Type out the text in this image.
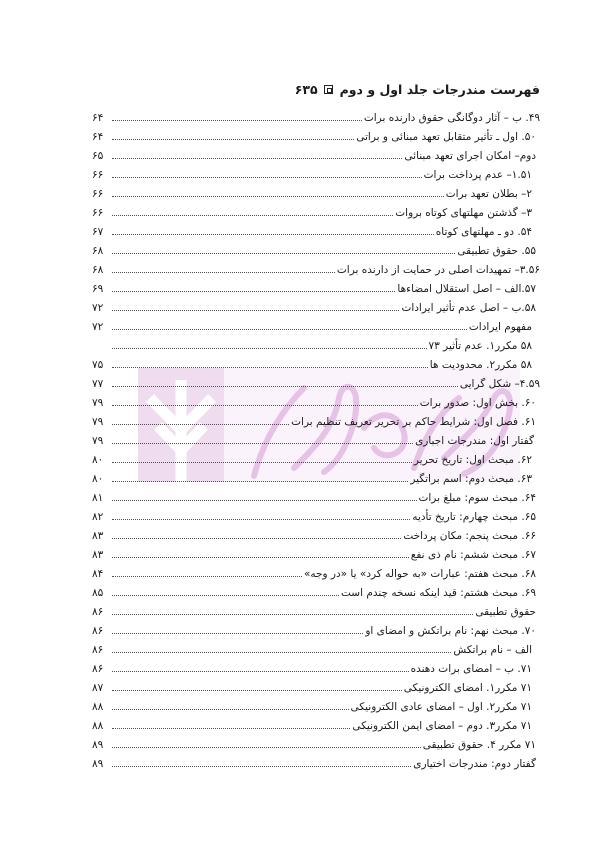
فهرست مندرجات جلد اول و دوم
۶۳۵
۴۹. ب – آثار دوگانگی حقوق دارنده برات
۶۴
۵۰. اول ـ تأثیر متقابل تعهد مبنائی و براتی
۶۴
دوم– امکان اجرای تعهد مبنائی
۶۵
۱.۵۱– عدم پرداخت برات
۶۶
۲– بطلان تعهد برات
۶۶
۳– گذشتن مهلتهای کوتاه بروات
۶۶
۵۴. دو ـ مهلتهای کوتاه
۶۷
۵۵. حقوق تطبیقی
۶۸
۳.۵۶– تمهیدات اصلی در حمایت از دارنده برات
۶۸
۵۷.الف – اصل استقلال امضاءها
۶۹
۵۸.ب – اصل عدم تأثیر ایرادات
۷۲
مفهوم ایرادات
۷۲
۵۸ مکرر۱. عدم تأثیر ۷۳
۵۸ مکرر۲. محدودیت ها
۷۵
۴.۵۹– شکل گرایی
۷۷
۶۰. بخش اول: صدور برات
۷۹
۶۱. فصل اول: شرایط حاکم بر تحریر تعریف تنظیم برات
۷۹
گفتار اول: مندرجات اجباری
۷۹
۶۲. مبحث اول: تاریخ تحریر
۸۰
۶۳. مبحث دوم: اسم براتگیر
۸۰
۶۴. مبحث سوم: مبلغ برات
۸۱
۶۵. مبحث چهارم: تاریخ تأدیه
۸۲
۶۶. مبحث پنجم: مکان پرداخت
۸۳
۶۷. مبحث ششم: نام ذی نفع
۸۳
۶۸. مبحث هفتم: عبارات «به حواله کرد» یا «در وجه»
۸۴
۶۹. مبحث هشتم: قید اینکه نسخه چندم است
۸۵
حقوق تطبیقی
۸۶
۷۰. مبحث نهم: نام براتکش و امضای او
۸۶
الف – نام براتکش
۸۶
۷۱. ب – امضای برات دهنده
۸۶
۷۱ مکرر۱. امضای الکترونیکی
۸۷
۷۱ مکرر۲. اول – امضای عادی الکترونیکی
۸۸
۷۱ مکرر۳. دوم – امضای ایمن الکترونیکی
۸۸
۷۱ مکرر ۴. حقوق تطبیقی
۸۹
گفتار دوم: مندرجات اختیاری
۸۹
